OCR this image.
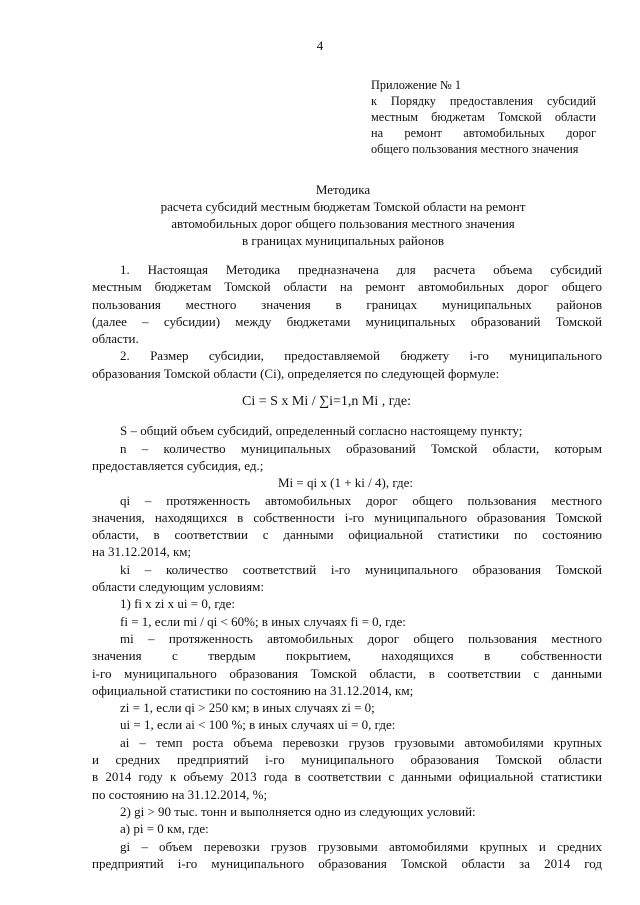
4
Приложение № 1
к Порядку предоставления субсидий
местным бюджетам Томской области
на ремонт автомобильных дорог
общего пользования местного значения
Методика
расчета субсидий местным бюджетам Томской области на ремонт
автомобильных дорог общего пользования местного значения
в границах муниципальных районов
1. Настоящая Методика предназначена для расчета объема субсидий
местным бюджетам Томской области на ремонт автомобильных дорог общего
пользования местного значения в границах муниципальных районов
(далее – субсидии) между бюджетами муниципальных образований Томской
области.
2. Размер субсидии, предоставляемой бюджету i-го муниципального
образования Томской области (Ci), определяется по следующей формуле:
Ci = S x Mi / ∑i=1,n Mi , где:
S – общий объем субсидий, определенный согласно настоящему пункту;
n – количество муниципальных образований Томской области, которым
предоставляется субсидия, ед.;
Mi = qi x (1 + ki / 4), где:
qi – протяженность автомобильных дорог общего пользования местного
значения, находящихся в собственности i-го муниципального образования Томской
области, в соответствии с данными официальной статистики по состоянию
на 31.12.2014, км;
ki – количество соответствий i-го муниципального образования Томской
области следующим условиям:
1) fi x zi x ui = 0, где:
fi = 1, если mi / qi < 60%; в иных случаях fi = 0, где:
mi – протяженность автомобильных дорог общего пользования местного
значения с твердым покрытием, находящихся в собственности
i-го муниципального образования Томской области, в соответствии с данными
официальной статистики по состоянию на 31.12.2014, км;
zi = 1, если qi > 250 км; в иных случаях zi = 0;
ui = 1, если ai < 100 %; в иных случаях ui = 0, где:
ai – темп роста объема перевозки грузов грузовыми автомобилями крупных
и средних предприятий i-го муниципального образования Томской области
в 2014 году к объему 2013 года в соответствии с данными официальной статистики
по состоянию на 31.12.2014, %;
2) gi > 90 тыс. тонн и выполняется одно из следующих условий:
а) pi = 0 км, где:
gi – объем перевозки грузов грузовыми автомобилями крупных и средних
предприятий i-го муниципального образования Томской области за 2014 год
